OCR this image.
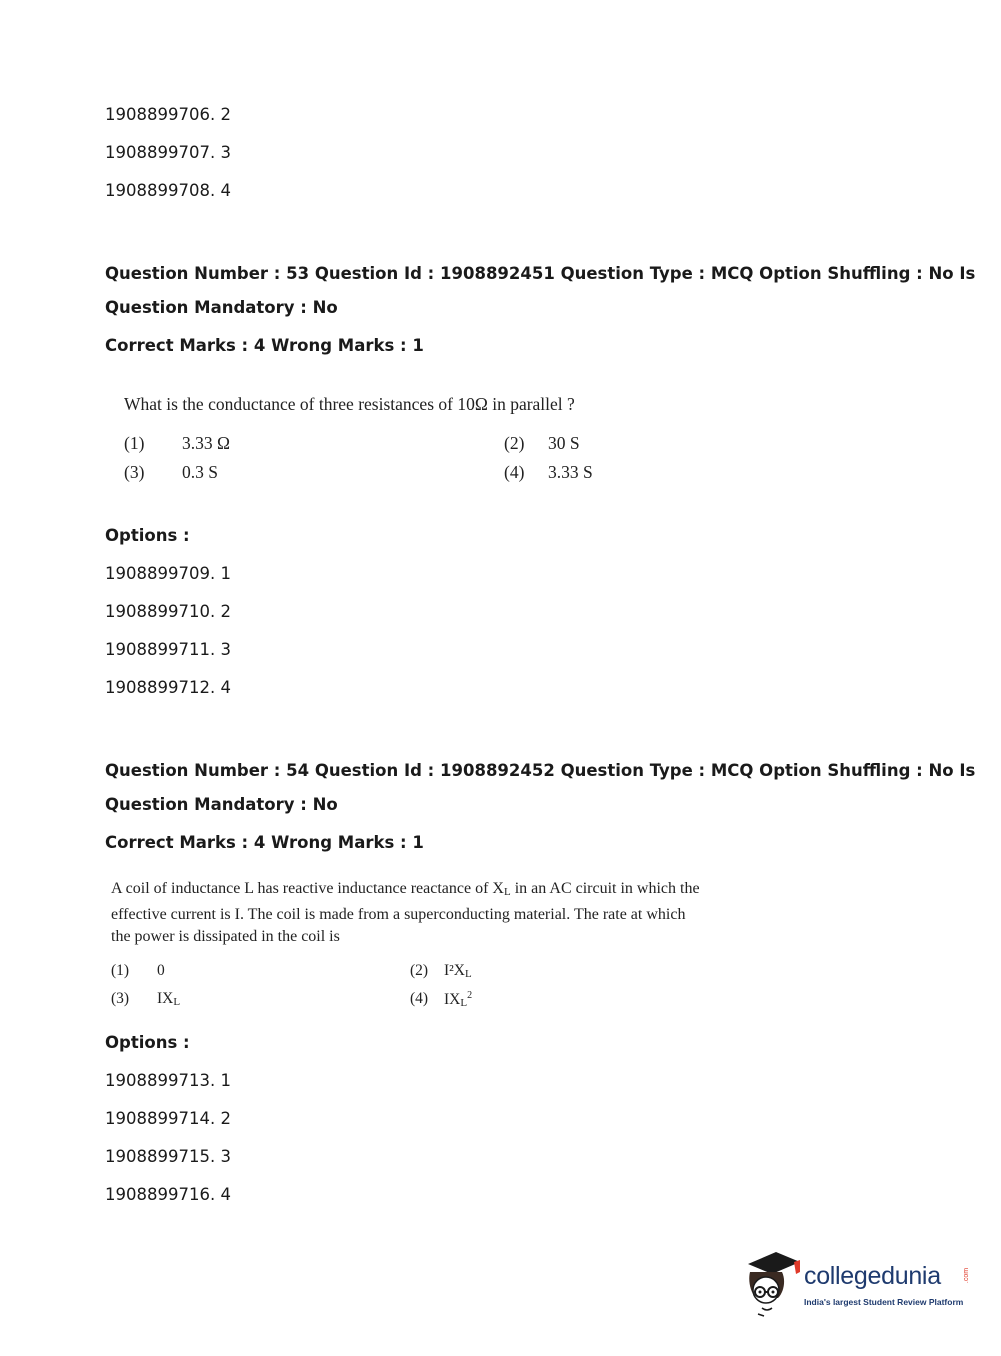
1908899706. 2
1908899707. 3
1908899708. 4
Question Number : 53 Question Id : 1908892451 Question Type : MCQ Option Shuffling : No Is
Question Mandatory : No
Correct Marks : 4 Wrong Marks : 1
What is the conductance of three resistances of 10Ω in parallel ?
(1) 3.33 Ω	(2) 30 S
(3) 0.3 S	(4) 3.33 S
Options :
1908899709. 1
1908899710. 2
1908899711. 3
1908899712. 4
Question Number : 54 Question Id : 1908892452 Question Type : MCQ Option Shuffling : No Is
Question Mandatory : No
Correct Marks : 4 Wrong Marks : 1
A coil of inductance L has reactive inductance reactance of XL in an AC circuit in which the
effective current is I. The coil is made from a superconducting material. The rate at which
the power is dissipated in the coil is
(1) 0	(2) I²XL
(3) IXL	(4) IXL$^2$
Options :
1908899713. 1
1908899714. 2
1908899715. 3
1908899716. 4
collegedunia	.com
India's largest Student Review Platform
